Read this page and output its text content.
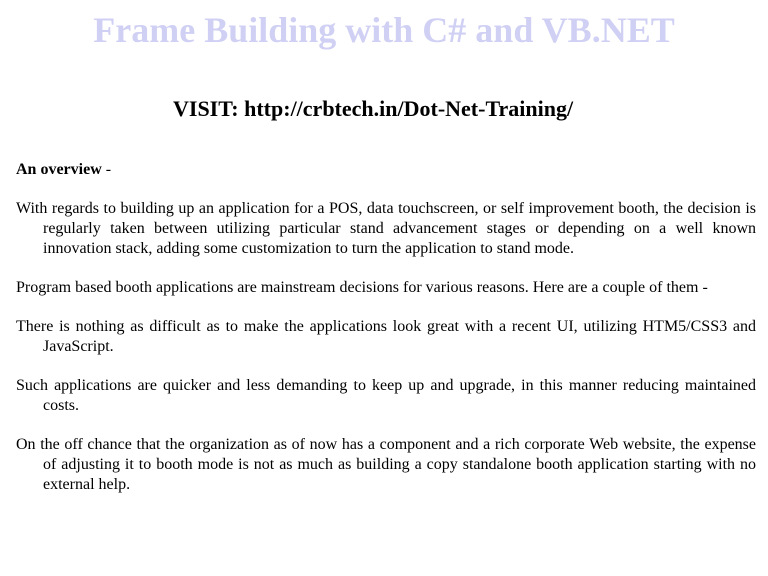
Frame Building with C# and VB.NET

VISIT: http://crbtech.in/Dot-Net-Training/

An overview -

With regards to building up an application for a POS, data touchscreen, or self improvement booth, the decision is regularly taken between utilizing particular stand advancement stages or depending on a well known innovation stack, adding some customization to turn the application to stand mode.

Program based booth applications are mainstream decisions for various reasons. Here are a couple of them -

There is nothing as difficult as to make the applications look great with a recent UI, utilizing HTM5/CSS3 and JavaScript.

Such applications are quicker and less demanding to keep up and upgrade, in this manner reducing maintained costs.

On the off chance that the organization as of now has a component and a rich corporate Web website, the expense of adjusting it to booth mode is not as much as building a copy standalone booth application starting with no external help.
